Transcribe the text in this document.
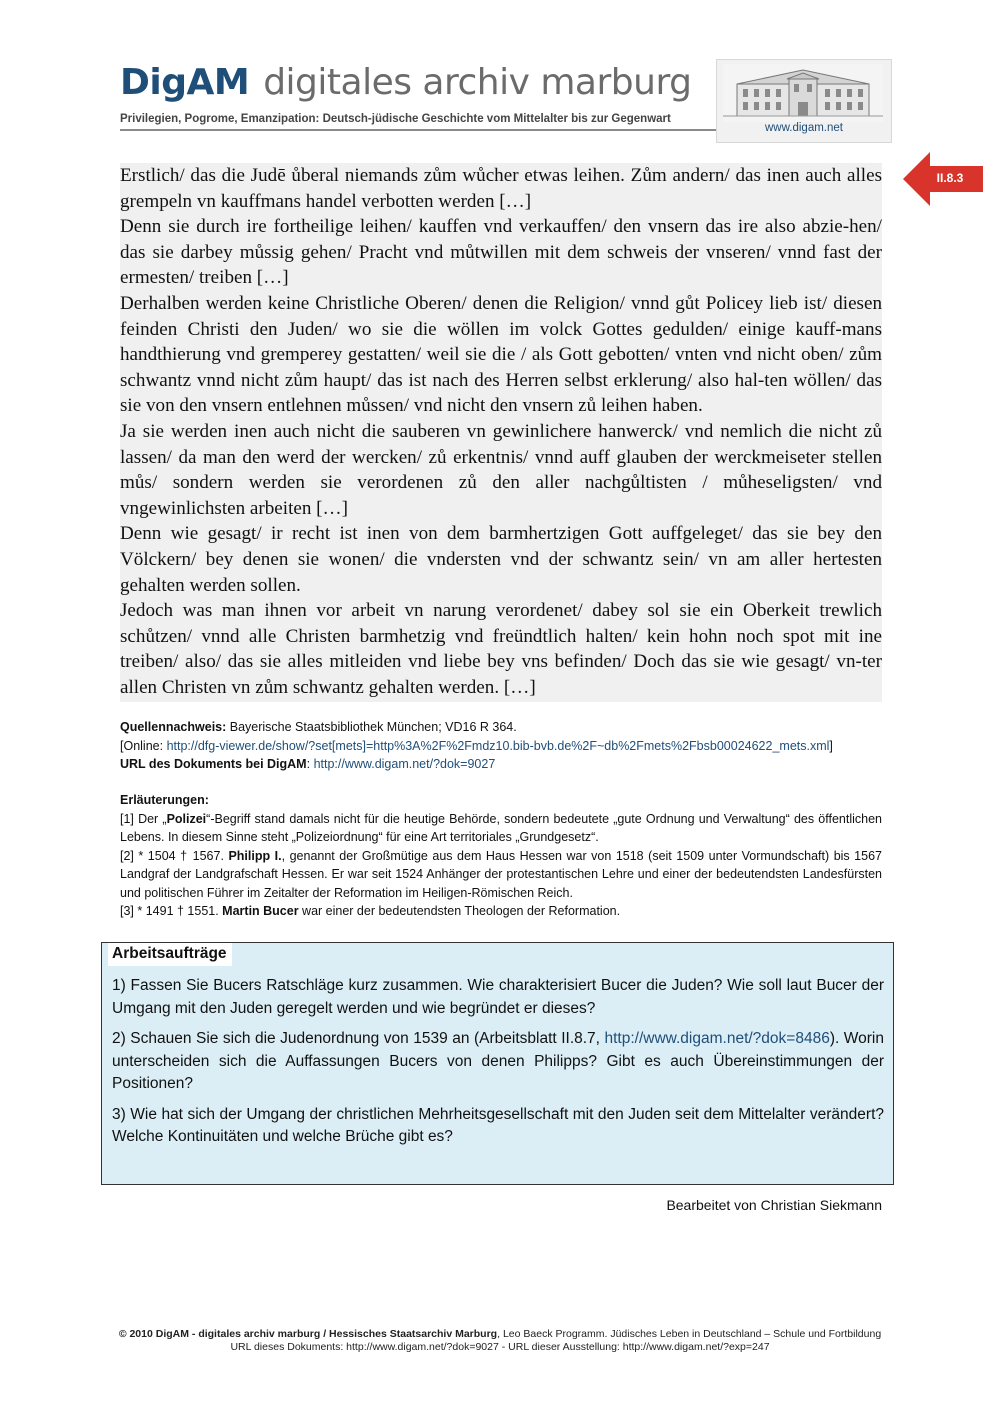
DigAM digitales archiv marburg
Privilegien, Pogrome, Emanzipation: Deutsch-jüdische Geschichte vom Mittelalter bis zur Gegenwart
www.digam.net
II.8.3

Erstlich/ das die Judē ůberal niemands zům wůcher etwas leihen. Zům andern/ das inen auch alles grempeln vn kauffmans handel verbotten werden […]

Denn sie durch ire fortheilige leihen/ kauffen vnd verkauffen/ den vnsern das ire also abzie-hen/ das sie darbey můssig gehen/ Pracht vnd můtwillen mit dem schweis der vnseren/ vnnd fast der ermesten/ treiben […]

Derhalben werden keine Christliche Oberen/ denen die Religion/ vnnd gůt Policey lieb ist/ diesen feinden Christi den Juden/ wo sie die wöllen im volck Gottes gedulden/ einige kauff-mans handthierung vnd gremperey gestatten/ weil sie die / als Gott gebotten/ vnten vnd nicht oben/ zům schwantz vnnd nicht zům haupt/ das ist nach des Herren selbst erklerung/ also hal-ten wöllen/ das sie von den vnsern entlehnen můssen/ vnd nicht den vnsern zů leihen haben.

Ja sie werden inen auch nicht die sauberen vn gewinlichere hanwerck/ vnd nemlich die nicht zů lassen/ da man den werd der wercken/ zů erkentnis/ vnnd auff glauben der werckmeiseter stellen můs/ sondern werden sie verordenen zů den aller nachgůltisten / můheseligsten/ vnd vngewinlichsten arbeiten […]

Denn wie gesagt/ ir recht ist inen von dem barmhertzigen Gott auffgeleget/ das sie bey den Völckern/ bey denen sie wonen/ die vndersten vnd der schwantz sein/ vn am aller hertesten gehalten werden sollen.

Jedoch was man ihnen vor arbeit vn narung verordenet/ dabey sol sie ein Oberkeit trewlich schůtzen/ vnnd alle Christen barmhetzig vnd freündtlich halten/ kein hohn noch spot mit ine treiben/ also/ das sie alles mitleiden vnd liebe bey vns befinden/ Doch das sie wie gesagt/ vn-ter allen Christen vn zům schwantz gehalten werden. […]

Quellennachweis: Bayerische Staatsbibliothek München; VD16 R 364.

[Online: http://dfg-viewer.de/show/?set[mets]=http%3A%2F%2Fmdz10.bib-bvb.de%2F~db%2Fmets%2Fbsb00024622_mets.xml]

URL des Dokuments bei DigAM: http://www.digam.net/?dok=9027

Erläuterungen:

[1] Der „Polizei“-Begriff stand damals nicht für die heutige Behörde, sondern bedeutete „gute Ordnung und Verwaltung“ des öffentlichen Lebens. In diesem Sinne steht „Polizeiordnung“ für eine Art territoriales „Grundgesetz“.

[2] * 1504 † 1567. Philipp I., genannt der Großmütige aus dem Haus Hessen war von 1518 (seit 1509 unter Vormundschaft) bis 1567 Landgraf der Landgrafschaft Hessen. Er war seit 1524 Anhänger der protestantischen Lehre und einer der bedeutendsten Landesfürsten und politischen Führer im Zeitalter der Reformation im Heiligen-Römischen Reich.

[3] * 1491 † 1551. Martin Bucer war einer der bedeutendsten Theologen der Reformation.

Arbeitsaufträge

1) Fassen Sie Bucers Ratschläge kurz zusammen. Wie charakterisiert Bucer die Juden? Wie soll laut Bucer der Umgang mit den Juden geregelt werden und wie begründet er dieses?

2) Schauen Sie sich die Judenordnung von 1539 an (Arbeitsblatt II.8.7, http://www.digam.net/?dok=8486). Worin unterscheiden sich die Auffassungen Bucers von denen Philipps? Gibt es auch Übereinstimmungen der Positionen?

3) Wie hat sich der Umgang der christlichen Mehrheitsgesellschaft mit den Juden seit dem Mittelalter verändert? Welche Kontinuitäten und welche Brüche gibt es?

Bearbeitet von Christian Siekmann

© 2010 DigAM - digitales archiv marburg / Hessisches Staatsarchiv Marburg, Leo Baeck Programm. Jüdisches Leben in Deutschland – Schule und Fortbildung

URL dieses Dokuments: http://www.digam.net/?dok=9027 - URL dieser Ausstellung: http://www.digam.net/?exp=247
